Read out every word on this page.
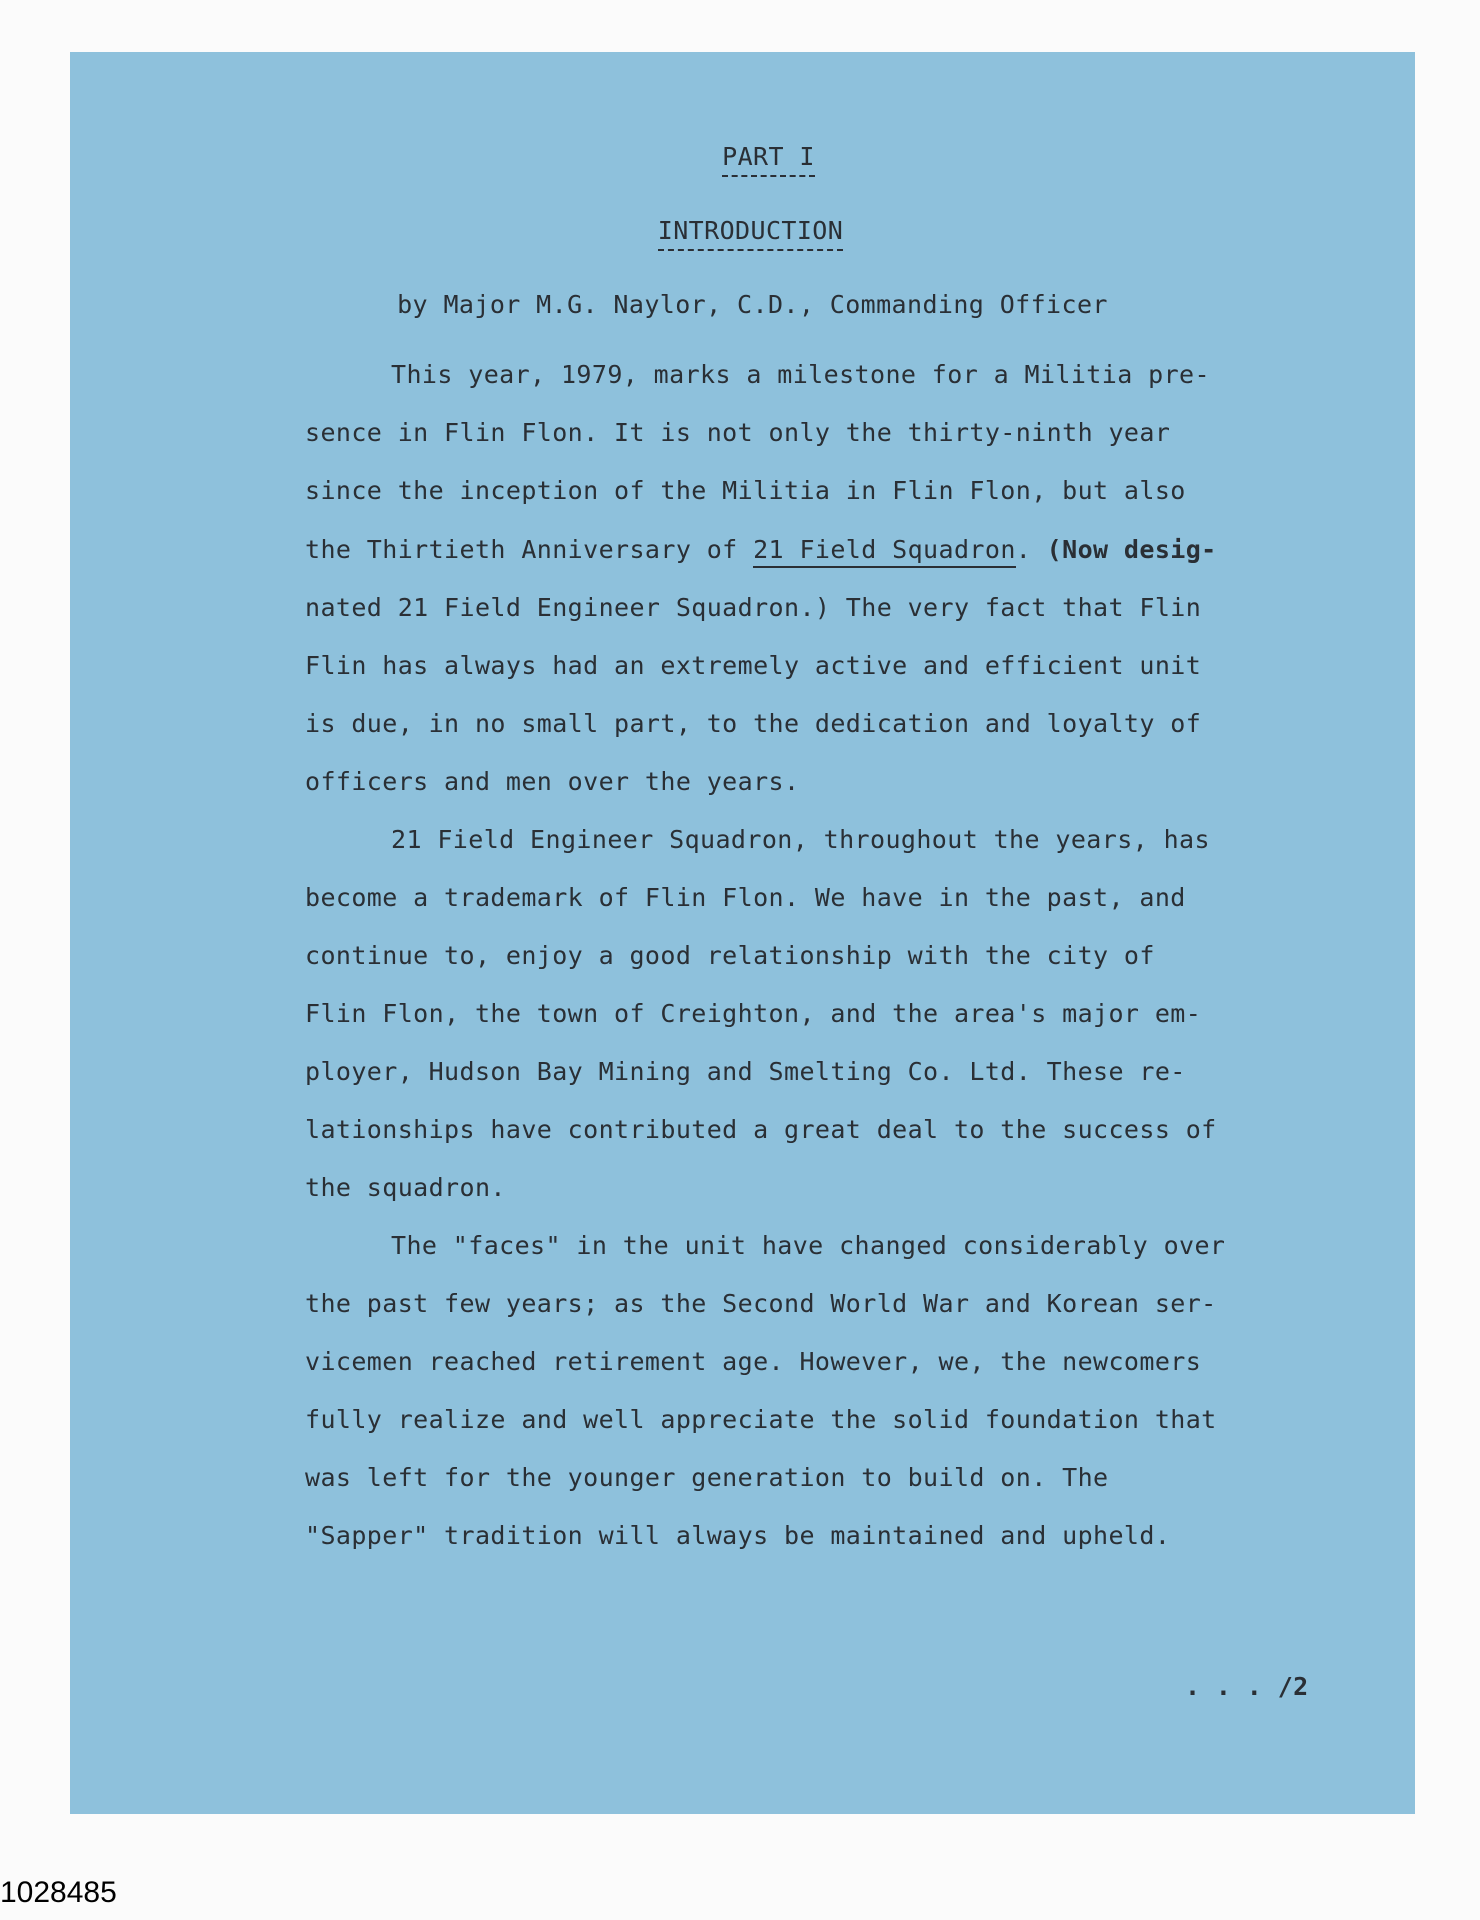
PART I
INTRODUCTION
by Major M.G. Naylor, C.D., Commanding Officer
This year, 1979, marks a milestone for a Militia pre-
sence in Flin Flon. It is not only the thirty-ninth year
since the inception of the Militia in Flin Flon, but also
the Thirtieth Anniversary of 21 Field Squadron. (Now desig-
nated 21 Field Engineer Squadron.) The very fact that Flin
Flin has always had an extremely active and efficient unit
is due, in no small part, to the dedication and loyalty of
officers and men over the years.
21 Field Engineer Squadron, throughout the years, has
become a trademark of Flin Flon. We have in the past, and
continue to, enjoy a good relationship with the city of
Flin Flon, the town of Creighton, and the area's major em-
ployer, Hudson Bay Mining and Smelting Co. Ltd. These re-
lationships have contributed a great deal to the success of
the squadron.
The "faces" in the unit have changed considerably over
the past few years; as the Second World War and Korean ser-
vicemen reached retirement age. However, we, the newcomers
fully realize and well appreciate the solid foundation that
was left for the younger generation to build on. The
"Sapper" tradition will always be maintained and upheld.
. . . /2
1028485
